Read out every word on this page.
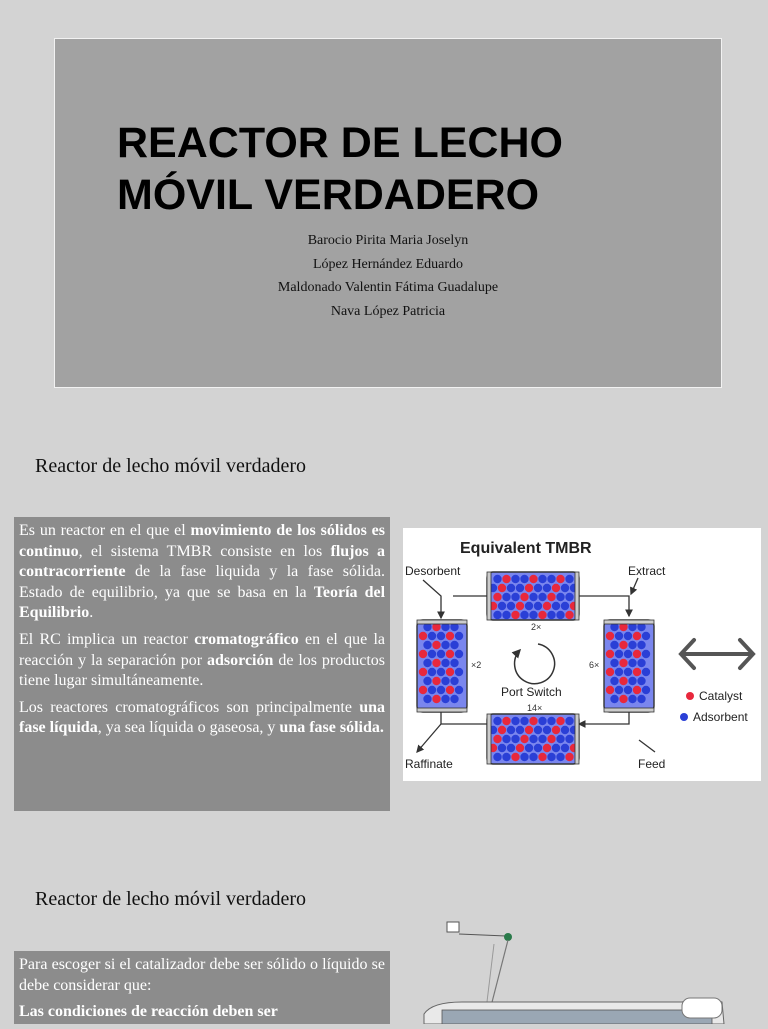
REACTOR DE LECHO
MÓVIL VERDADERO
Barocio Pirita Maria Joselyn
López Hernández Eduardo
Maldonado Valentin Fátima Guadalupe
Nava López Patricia
Reactor de lecho móvil verdadero

Es un reactor en el que el movimiento de los sólidos es continuo, el sistema TMBR consiste en los flujos a contracorriente de la fase liquida y la fase sólida. Estado de equilibrio, ya que se basa en la Teoría del Equilibrio.

El RC implica un reactor cromatográfico en el que la reacción y la separación por adsorción de los productos tiene lugar simultáneamente.

Los reactores cromatográficos son principalmente una fase líquida, ya sea líquida o gaseosa, y una fase sólida.

Equivalent TMBR
Desorbent	Extract
Raffinate	Feed
Port Switch
2×
×2	6×
14×
Catalyst
Adsorbent
Reactor de lecho móvil verdadero

Para escoger si el catalizador debe ser sólido o líquido se debe considerar que:

Las condiciones de reacción deben ser
